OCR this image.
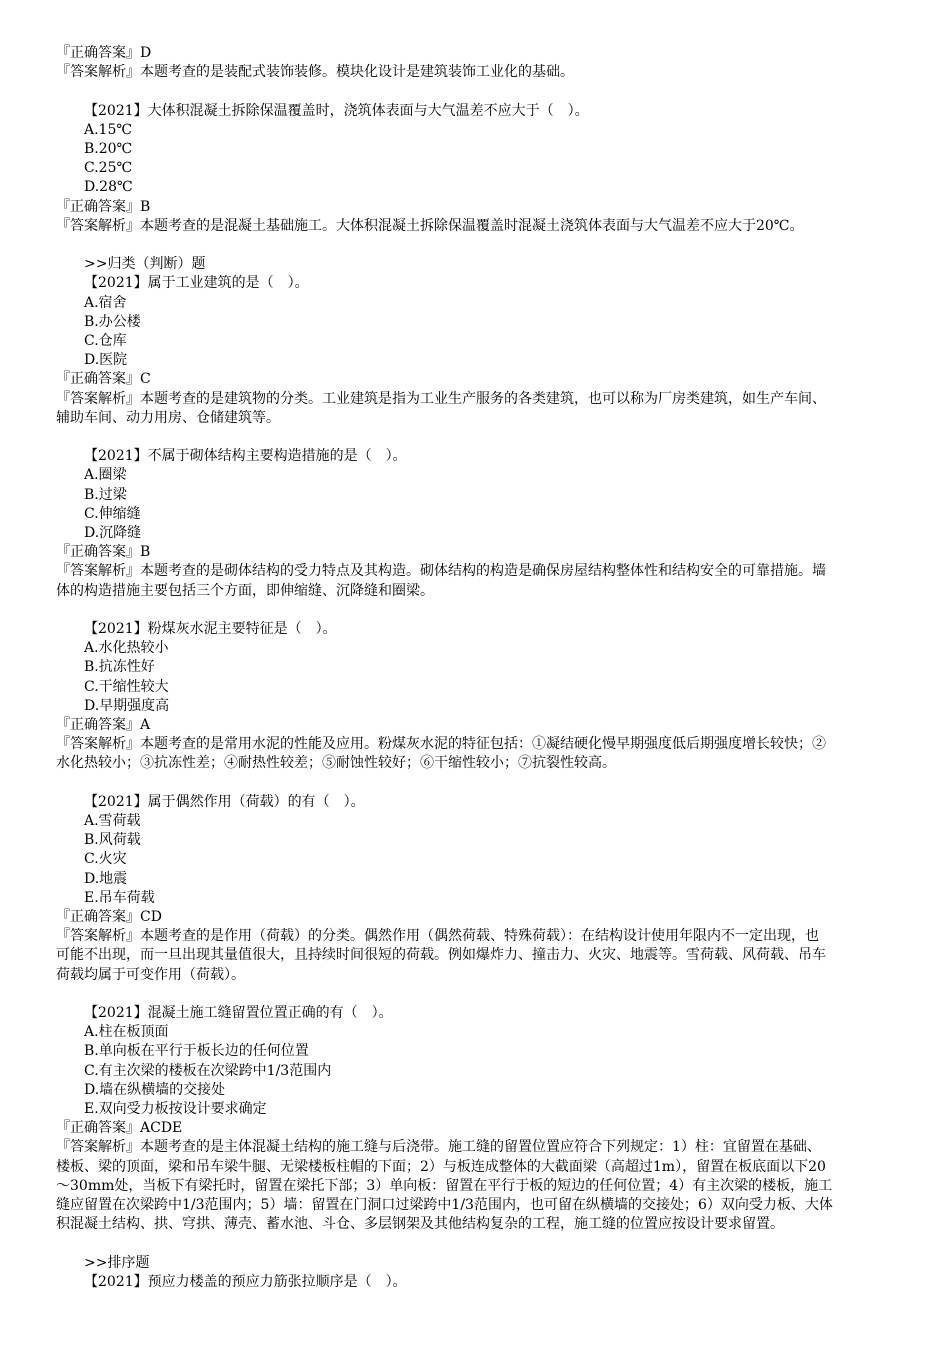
『正确答案』D
『答案解析』本题考查的是装配式装饰装修。模块化设计是建筑装饰工业化的基础。
【2021】大体积混凝土拆除保温覆盖时，浇筑体表面与大气温差不应大于（　）。
A.15℃
B.20℃
C.25℃
D.28℃
『正确答案』B
『答案解析』本题考查的是混凝土基础施工。大体积混凝土拆除保温覆盖时混凝土浇筑体表面与大气温差不应大于20℃。
>>归类（判断）题
【2021】属于工业建筑的是（　）。
A.宿舍
B.办公楼
C.仓库
D.医院
『正确答案』C
『答案解析』本题考查的是建筑物的分类。工业建筑是指为工业生产服务的各类建筑，也可以称为厂房类建筑，如生产车间、
辅助车间、动力用房、仓储建筑等。
【2021】不属于砌体结构主要构造措施的是（　）。
A.圈梁
B.过梁
C.伸缩缝
D.沉降缝
『正确答案』B
『答案解析』本题考查的是砌体结构的受力特点及其构造。砌体结构的构造是确保房屋结构整体性和结构安全的可靠措施。墙
体的构造措施主要包括三个方面，即伸缩缝、沉降缝和圈梁。
【2021】粉煤灰水泥主要特征是（　）。
A.水化热较小
B.抗冻性好
C.干缩性较大
D.早期强度高
『正确答案』A
『答案解析』本题考查的是常用水泥的性能及应用。粉煤灰水泥的特征包括：①凝结硬化慢早期强度低后期强度增长较快；②
水化热较小；③抗冻性差；④耐热性较差；⑤耐蚀性较好；⑥干缩性较小；⑦抗裂性较高。
【2021】属于偶然作用（荷载）的有（　）。
A.雪荷载
B.风荷载
C.火灾
D.地震
E.吊车荷载
『正确答案』CD
『答案解析』本题考查的是作用（荷载）的分类。偶然作用（偶然荷载、特殊荷载）：在结构设计使用年限内不一定出现，也
可能不出现，而一旦出现其量值很大，且持续时间很短的荷载。例如爆炸力、撞击力、火灾、地震等。雪荷载、风荷载、吊车
荷载均属于可变作用（荷载）。
【2021】混凝土施工缝留置位置正确的有（　）。
A.柱在板顶面
B.单向板在平行于板长边的任何位置
C.有主次梁的楼板在次梁跨中1/3范围内
D.墙在纵横墙的交接处
E.双向受力板按设计要求确定
『正确答案』ACDE
『答案解析』本题考查的是主体混凝土结构的施工缝与后浇带。施工缝的留置位置应符合下列规定：1）柱：宜留置在基础、
楼板、梁的顶面，梁和吊车梁牛腿、无梁楼板柱帽的下面；2）与板连成整体的大截面梁（高超过1m），留置在板底面以下20
～30mm处，当板下有梁托时，留置在梁托下部；3）单向板：留置在平行于板的短边的任何位置；4）有主次梁的楼板，施工
缝应留置在次梁跨中1/3范围内；5）墙：留置在门洞口过梁跨中1/3范围内，也可留在纵横墙的交接处；6）双向受力板、大体
积混凝土结构、拱、穹拱、薄壳、蓄水池、斗仓、多层钢架及其他结构复杂的工程，施工缝的位置应按设计要求留置。
>>排序题
【2021】预应力楼盖的预应力筋张拉顺序是（　）。
